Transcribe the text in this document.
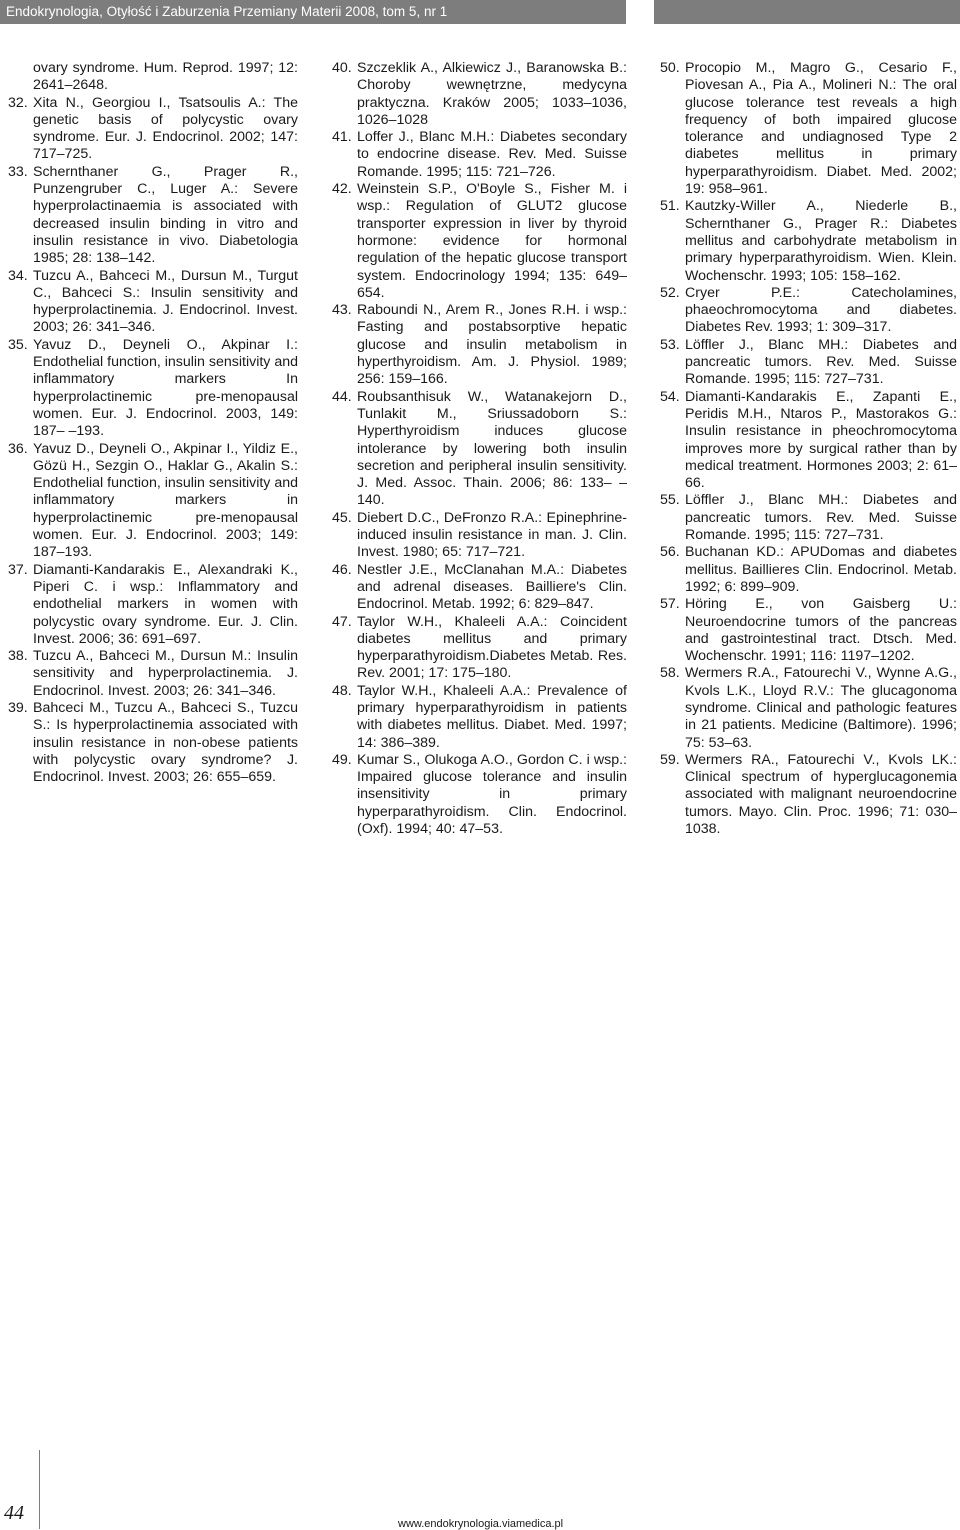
Endokrynologia, Otyłość i Zaburzenia Przemiany Materii 2008, tom 5, nr 1
ovary syndrome. Hum. Reprod. 1997; 12: 2641–2648.
32. Xita N., Georgiou I., Tsatsoulis A.: The genetic basis of polycystic ovary syndrome. Eur. J. Endocrinol. 2002; 147: 717–725.
33. Schernthaner G., Prager R., Punzengruber C., Luger A.: Severe hyperprolactinaemia is associated with decreased insulin binding in vitro and insulin resistance in vivo. Diabetologia 1985; 28: 138–142.
34. Tuzcu A., Bahceci M., Dursun M., Turgut C., Bahceci S.: Insulin sensitivity and hyperprolactinemia. J. Endocrinol. Invest. 2003; 26: 341–346.
35. Yavuz D., Deyneli O., Akpinar I.: Endothelial function, insulin sensitivity and inflammatory markers In hyperprolactinemic pre-menopausal women. Eur. J. Endocrinol. 2003, 149: 187– –193.
36. Yavuz D., Deyneli O., Akpinar I., Yildiz E., Gözü H., Sezgin O., Haklar G., Akalin S.: Endothelial function, insulin sensitivity and inflammatory markers in hyperprolactinemic pre-menopausal women. Eur. J. Endocrinol. 2003; 149: 187–193.
37. Diamanti-Kandarakis E., Alexandraki K., Piperi C. i wsp.: Inflammatory and endothelial markers in women with polycystic ovary syndrome. Eur. J. Clin. Invest. 2006; 36: 691–697.
38. Tuzcu A., Bahceci M., Dursun M.: Insulin sensitivity and hyperprolactinemia. J. Endocrinol. Invest. 2003; 26: 341–346.
39. Bahceci M., Tuzcu A., Bahceci S., Tuzcu S.: Is hyperprolactinemia associated with insulin resistance in non-obese patients with polycystic ovary syndrome? J. Endocrinol. Invest. 2003; 26: 655–659.
40. Szczeklik A., Alkiewicz J., Baranowska B.: Choroby wewnętrzne, medycyna praktyczna. Kraków 2005; 1033–1036, 1026–1028
41. Loffer J., Blanc M.H.: Diabetes secondary to endocrine disease. Rev. Med. Suisse Romande. 1995; 115: 721–726.
42. Weinstein S.P., O'Boyle S., Fisher M. i wsp.: Regulation of GLUT2 glucose transporter expression in liver by thyroid hormone: evidence for hormonal regulation of the hepatic glucose transport system. Endocrinology 1994; 135: 649–654.
43. Raboundi N., Arem R., Jones R.H. i wsp.: Fasting and postabsorptive hepatic glucose and insulin metabolism in hyperthyroidism. Am. J. Physiol. 1989; 256: 159–166.
44. Roubsanthisuk W., Watanakejorn D., Tunlakit M., Sriussadoborn S.: Hyperthyroidism induces glucose intolerance by lowering both insulin secretion and peripheral insulin sensitivity. J. Med. Assoc. Thain. 2006; 86: 133– –140.
45. Diebert D.C., DeFronzo R.A.: Epinephrine-induced insulin resistance in man. J. Clin. Invest. 1980; 65: 717–721.
46. Nestler J.E., McClanahan M.A.: Diabetes and adrenal diseases. Bailliere's Clin. Endocrinol. Metab. 1992; 6: 829–847.
47. Taylor W.H., Khaleeli A.A.: Coincident diabetes mellitus and primary hyperparathyroidism.Diabetes Metab. Res. Rev. 2001; 17: 175–180.
48. Taylor W.H., Khaleeli A.A.: Prevalence of primary hyperparathyroidism in patients with diabetes mellitus. Diabet. Med. 1997; 14: 386–389.
49. Kumar S., Olukoga A.O., Gordon C. i wsp.: Impaired glucose tolerance and insulin insensitivity in primary hyperparathyroidism. Clin. Endocrinol. (Oxf). 1994; 40: 47–53.
50. Procopio M., Magro G., Cesario F., Piovesan A., Pia A., Molineri N.: The oral glucose tolerance test reveals a high frequency of both impaired glucose tolerance and undiagnosed Type 2 diabetes mellitus in primary hyperparathyroidism. Diabet. Med. 2002; 19: 958–961.
51. Kautzky-Willer A., Niederle B., Schernthaner G., Prager R.: Diabetes mellitus and carbohydrate metabolism in primary hyperparathyroidism. Wien. Klein. Wochenschr. 1993; 105: 158–162.
52. Cryer P.E.: Catecholamines, phaeochromocytoma and diabetes. Diabetes Rev. 1993; 1: 309–317.
53. Löffler J., Blanc MH.: Diabetes and pancreatic tumors. Rev. Med. Suisse Romande. 1995; 115: 727–731.
54. Diamanti-Kandarakis E., Zapanti E., Peridis M.H., Ntaros P., Mastorakos G.: Insulin resistance in pheochromocytoma improves more by surgical rather than by medical treatment. Hormones 2003; 2: 61–66.
55. Löffler J., Blanc MH.: Diabetes and pancreatic tumors. Rev. Med. Suisse Romande. 1995; 115: 727–731.
56. Buchanan KD.: APUDomas and diabetes mellitus. Baillieres Clin. Endocrinol. Metab. 1992; 6: 899–909.
57. Höring E., von Gaisberg U.: Neuroendocrine tumors of the pancreas and gastrointestinal tract. Dtsch. Med. Wochenschr. 1991; 116: 1197–1202.
58. Wermers R.A., Fatourechi V., Wynne A.G., Kvols L.K., Lloyd R.V.: The glucagonoma syndrome. Clinical and pathologic features in 21 patients. Medicine (Baltimore). 1996; 75: 53–63.
59. Wermers RA., Fatourechi V., Kvols LK.: Clinical spectrum of hyperglucagonemia associated with malignant neuroendocrine tumors. Mayo. Clin. Proc. 1996; 71: 030–1038.
44	www.endokrynologia.viamedica.pl
